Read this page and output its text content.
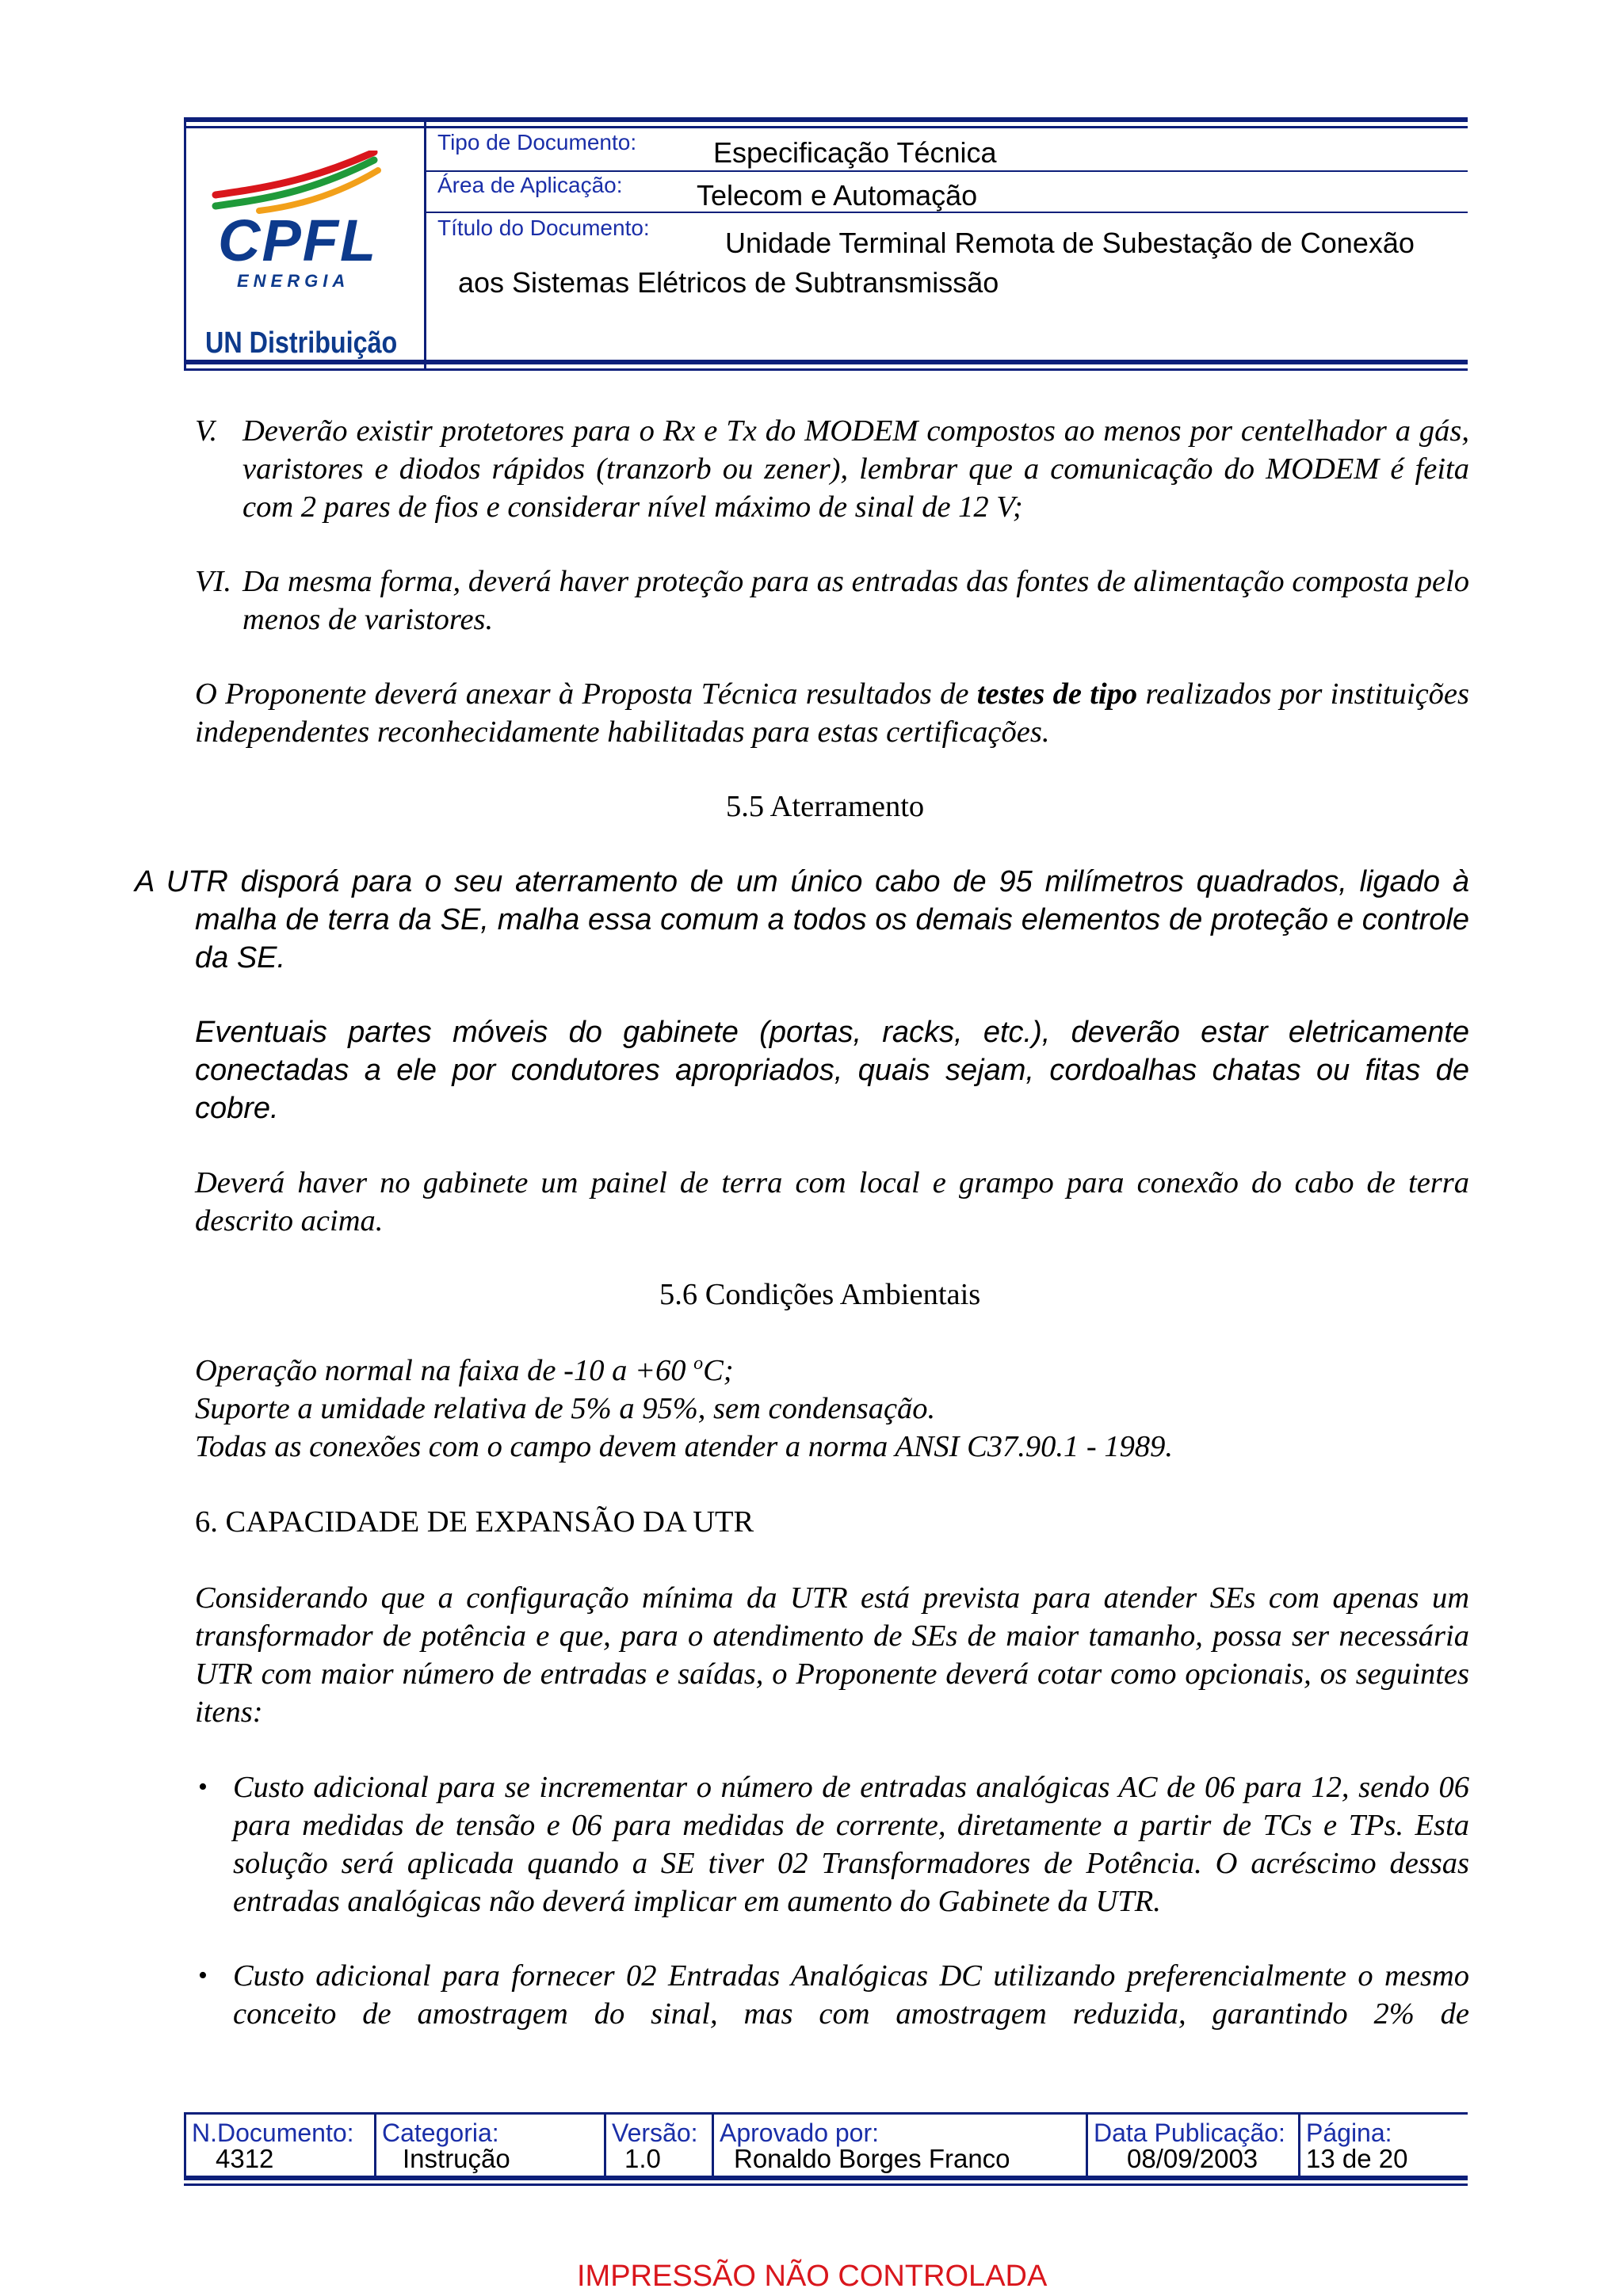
CPFL
ENERGIA
UN Distribuição
Tipo de Documento:	Especificação Técnica
Área de Aplicação:	Telecom e Automação
Título do Documento:	Unidade Terminal Remota de Subestação de Conexão
aos Sistemas Elétricos de Subtransmissão
V. Deverão existir protetores para o Rx e Tx do MODEM compostos ao menos por centelhador a gás, varistores e diodos rápidos (tranzorb ou zener), lembrar que a comunicação do MODEM é feita com 2 pares de fios e considerar nível máximo de sinal de 12 V;
VI. Da mesma forma, deverá haver proteção para as entradas das fontes de alimentação composta pelo menos de varistores.
O Proponente deverá anexar à Proposta Técnica resultados de testes de tipo realizados por instituições independentes reconhecidamente habilitadas para estas certificações.
5.5 Aterramento
A UTR disporá para o seu aterramento de um único cabo de 95 milímetros quadrados, ligado à malha de terra da SE, malha essa comum a todos os demais elementos de proteção e controle da SE.
Eventuais partes móveis do gabinete (portas, racks, etc.), deverão estar eletricamente conectadas a ele por condutores apropriados, quais sejam, cordoalhas chatas ou fitas de cobre.
Deverá haver no gabinete um painel de terra com local e grampo para conexão do cabo de terra descrito acima.
5.6 Condições Ambientais
Operação normal na faixa de -10 a +60 $^o$C;
Suporte a umidade relativa de 5% a 95%, sem condensação.
Todas as conexões com o campo devem atender a norma ANSI C37.90.1 - 1989.
6. CAPACIDADE DE EXPANSÃO DA UTR
Considerando que a configuração mínima da UTR está prevista para atender SEs com apenas um transformador de potência e que, para o atendimento de SEs de maior tamanho, possa ser necessária UTR com maior número de entradas e saídas, o Proponente deverá cotar como opcionais, os seguintes itens:
• Custo adicional para se incrementar o número de entradas analógicas AC de 06 para 12, sendo 06 para medidas de tensão e 06 para medidas de corrente, diretamente a partir de TCs e TPs. Esta solução será aplicada quando a SE tiver 02 Transformadores de Potência. O acréscimo dessas entradas analógicas não deverá implicar em aumento do Gabinete da UTR.
• Custo adicional para fornecer 02 Entradas Analógicas DC utilizando preferencialmente o mesmo conceito de amostragem do sinal, mas com amostragem reduzida, garantindo 2% de
N.Documento:
4312
Categoria:
Instrução
Versão:
1.0
Aprovado por:
Ronaldo Borges Franco
Data Publicação:
08/09/2003
Página:
13 de 20
IMPRESSÃO NÃO CONTROLADA
